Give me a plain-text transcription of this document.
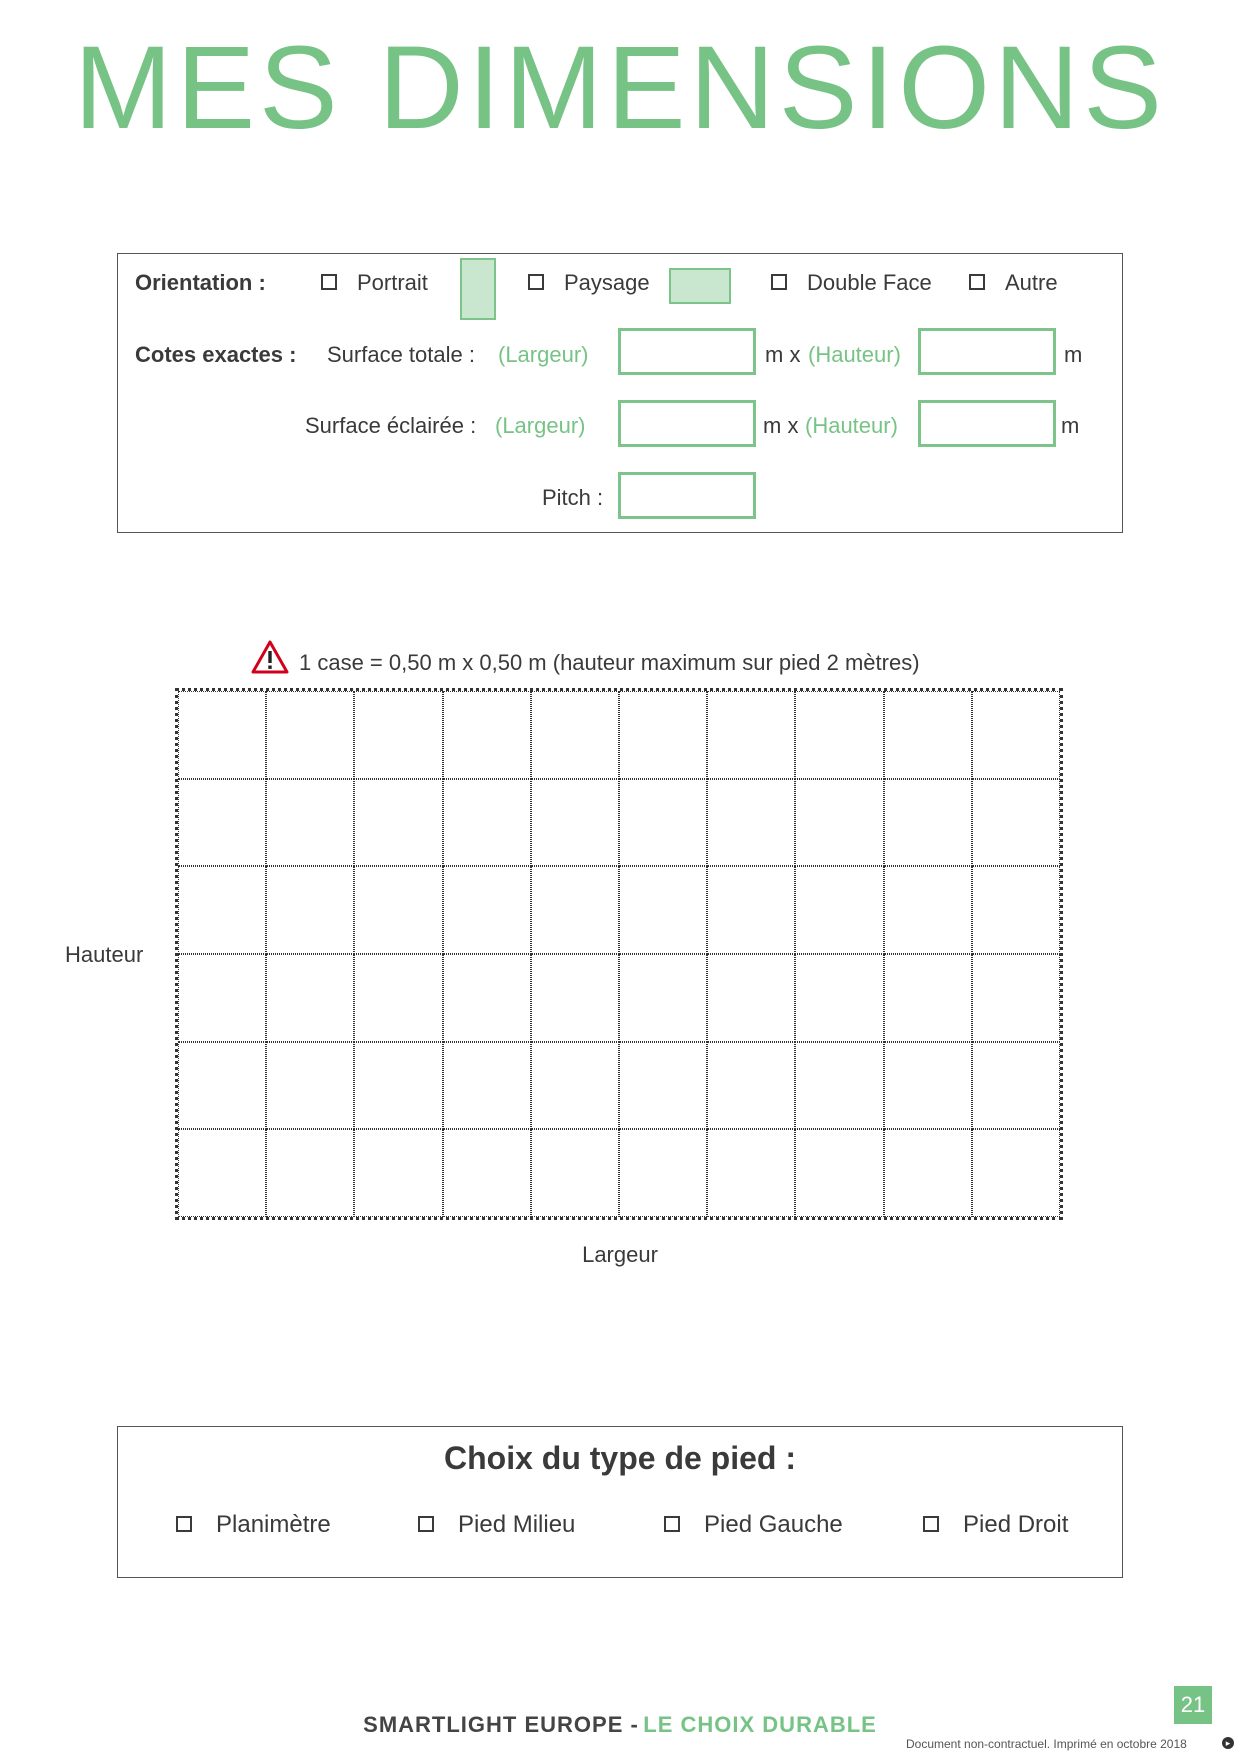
MES DIMENSIONS
Orientation :	Portrait	Paysage	Double Face	Autre
Cotes exactes : Surface totale : (Largeur)	m x (Hauteur)	m
Surface éclairée : (Largeur)	m x (Hauteur)	m
Pitch :
1 case = 0,50 m x 0,50 m (hauteur maximum sur pied 2 mètres)
Hauteur
Largeur
Choix du type de pied :
Planimètre	Pied Milieu	Pied Gauche	Pied Droit
SMARTLIGHT EUROPE - LE CHOIX DURABLE
21
Document non-contractuel. Imprimé en octobre 2018	▸
